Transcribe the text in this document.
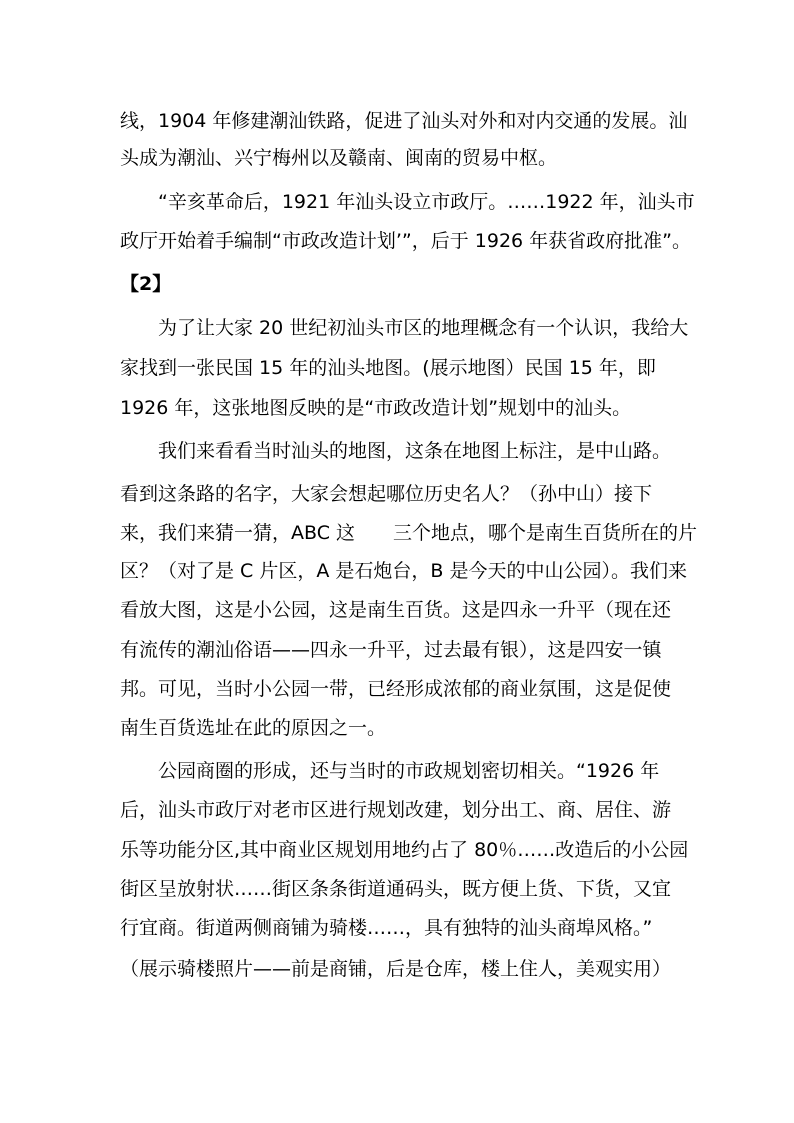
线，1904 年修建潮汕铁路，促进了汕头对外和对内交通的发展。汕
头成为潮汕、兴宁梅州以及赣南、闽南的贸易中枢。
“辛亥革命后，1921 年汕头设立市政厅。……1922 年，汕头市
政厅开始着手编制“市政改造计划’”，后于 1926 年获省政府批准”。
【2】
为了让大家 20 世纪初汕头市区的地理概念有一个认识，我给大
家找到一张民国 15 年的汕头地图。(展示地图）民国 15 年，即
1926 年，这张地图反映的是“市政改造计划”规划中的汕头。
我们来看看当时汕头的地图，这条在地图上标注，是中山路。
看到这条路的名字，大家会想起哪位历史名人？（孙中山）接下
来，我们来猜一猜，ABC 这　　三个地点，哪个是南生百货所在的片
区？（对了是 C 片区，A 是石炮台，B 是今天的中山公园）。我们来
看放大图，这是小公园，这是南生百货。这是四永一升平（现在还
有流传的潮汕俗语——四永一升平，过去最有银），这是四安一镇
邦。可见，当时小公园一带，已经形成浓郁的商业氛围，这是促使
南生百货选址在此的原因之一。
公园商圈的形成，还与当时的市政规划密切相关。“1926 年
后，汕头市政厅对老市区进行规划改建，划分出工、商、居住、游
乐等功能分区,其中商业区规划用地约占了 80％……改造后的小公园
街区呈放射状……街区条条街道通码头，既方便上货、下货，又宜
行宜商。街道两侧商铺为骑楼……，具有独特的汕头商埠风格。”
（展示骑楼照片——前是商铺，后是仓库，楼上住人，美观实用）
